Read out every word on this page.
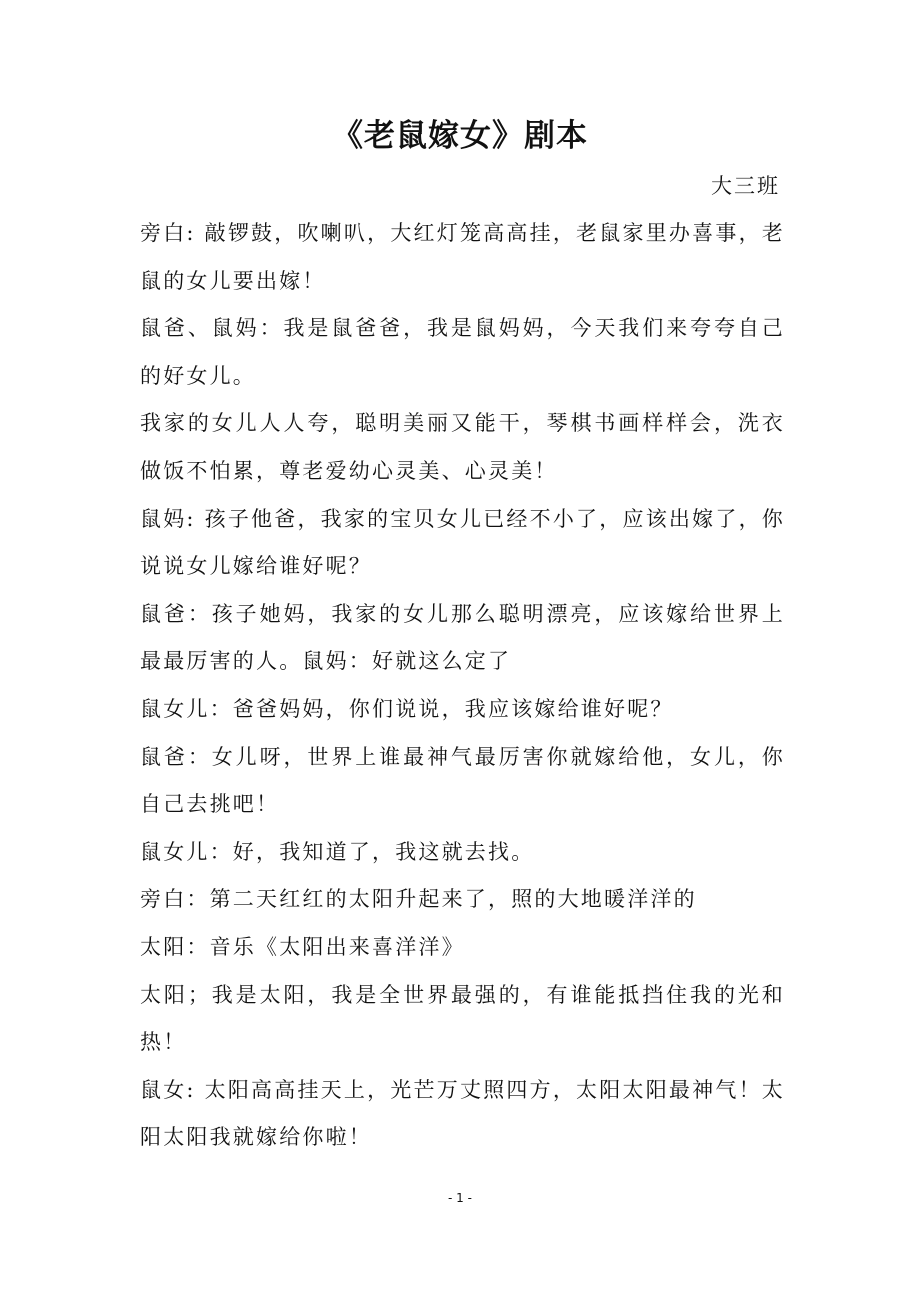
《老鼠嫁女》剧本
大三班

旁白: 敲锣鼓，吹喇叭，大红灯笼高高挂，老鼠家里办喜事，老鼠的女儿要出嫁！

鼠爸、鼠妈：我是鼠爸爸，我是鼠妈妈，今天我们来夸夸自己的好女儿。

我家的女儿人人夸，聪明美丽又能干，琴棋书画样样会，洗衣做饭不怕累，尊老爱幼心灵美、心灵美！

鼠妈: 孩子他爸，我家的宝贝女儿已经不小了，应该出嫁了，你说说女儿嫁给谁好呢？

鼠爸：孩子她妈，我家的女儿那么聪明漂亮，应该嫁给世界上最最厉害的人。鼠妈：好就这么定了

鼠女儿：爸爸妈妈，你们说说，我应该嫁给谁好呢？

鼠爸：女儿呀，世界上谁最神气最厉害你就嫁给他，女儿，你自己去挑吧！

鼠女儿：好，我知道了，我这就去找。

旁白：第二天红红的太阳升起来了，照的大地暖洋洋的

太阳：音乐《太阳出来喜洋洋》

太阳；我是太阳，我是全世界最强的，有谁能抵挡住我的光和热！

鼠女: 太阳高高挂天上，光芒万丈照四方，太阳太阳最神气！太阳太阳我就嫁给你啦！

- 1 -
